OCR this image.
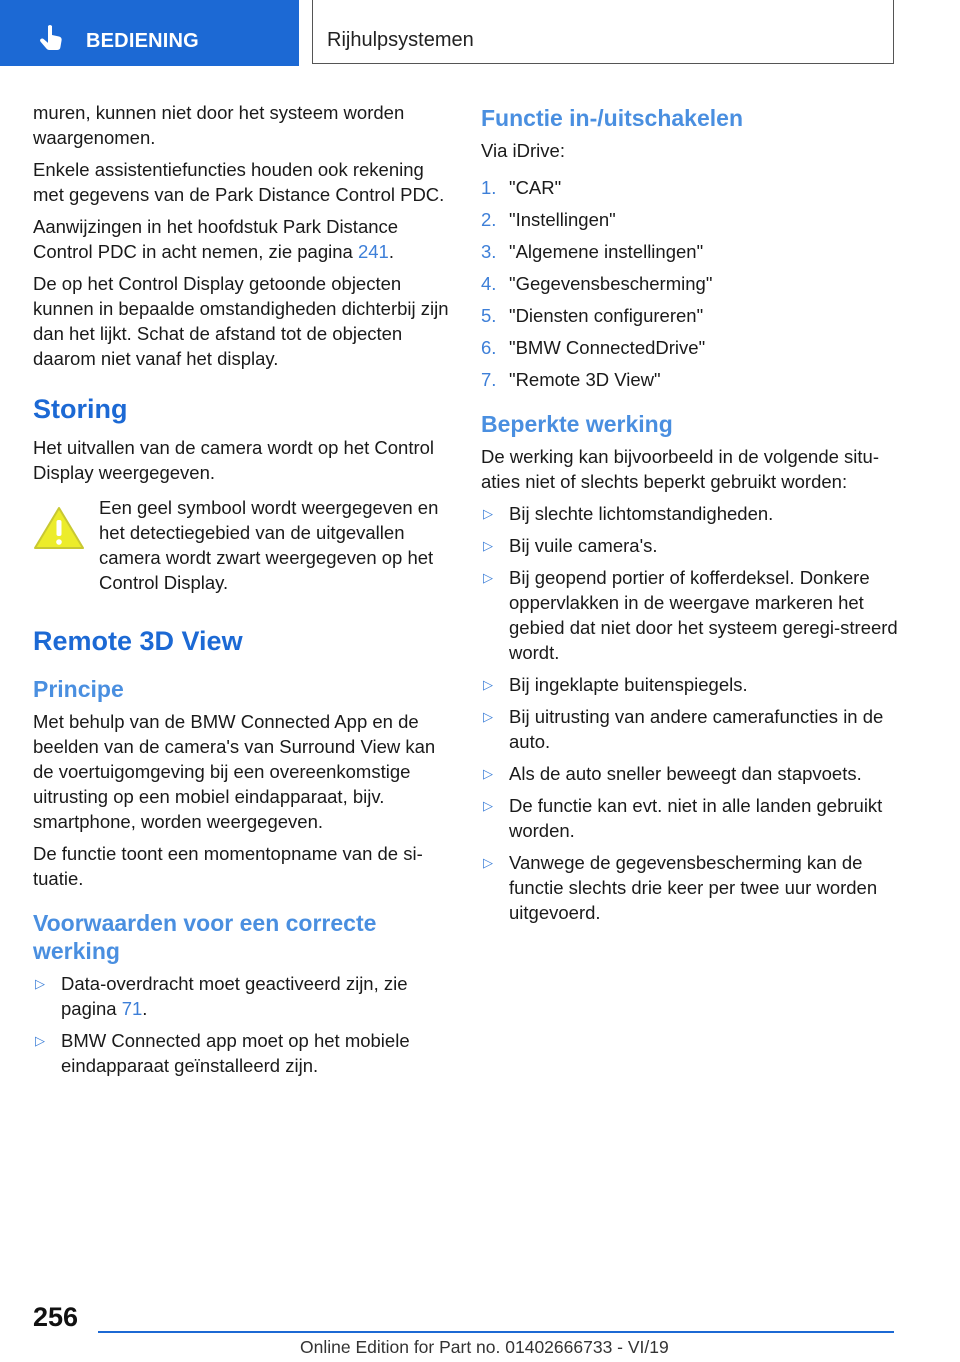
BEDIENING	Rijhulpsystemen

muren, kunnen niet door het systeem worden waargenomen.

Enkele assistentiefuncties houden ook rekening met gegevens van de Park Distance Control PDC.

Aanwijzingen in het hoofdstuk Park Distance Control PDC in acht nemen, zie pagina 241.

De op het Control Display getoonde objecten kunnen in bepaalde omstandigheden dichterbij zijn dan het lijkt. Schat de afstand tot de objecten daarom niet vanaf het display.

Storing

Het uitvallen van de camera wordt op het Control Display weergegeven.

Een geel symbool wordt weergegeven en het detectiegebied van de uitgevallen camera wordt zwart weergegeven op het Control Display.
Remote 3D View
Principe

Met behulp van de BMW Connected App en de beelden van de camera's van Surround View kan de voertuigomgeving bij een overeenkomstige uitrusting op een mobiel eindapparaat, bijv. smartphone, worden weergegeven.

De functie toont een momentopname van de si-tuatie.

Voorwaarden voor een correcte werking
▷ Data-overdracht moet geactiveerd zijn, zie pagina 71.
▷ BMW Connected app moet op het mobiele eindapparaat geïnstalleerd zijn.
Functie in-/uitschakelen

Via iDrive:

1. "CAR"
2. "Instellingen"
3. "Algemene instellingen"
4. "Gegevensbescherming"
5. "Diensten configureren"
6. "BMW ConnectedDrive"
7. "Remote 3D View"
Beperkte werking

De werking kan bijvoorbeeld in de volgende situ-aties niet of slechts beperkt gebruikt worden:

▷ Bij slechte lichtomstandigheden.
▷ Bij vuile camera's.
▷ Bij geopend portier of kofferdeksel. Donkere oppervlakken in de weergave markeren het gebied dat niet door het systeem geregi-streerd wordt.
▷ Bij ingeklapte buitenspiegels.
▷ Bij uitrusting van andere camerafuncties in de auto.
▷ Als de auto sneller beweegt dan stapvoets.
▷ De functie kan evt. niet in alle landen gebruikt worden.
▷ Vanwege de gegevensbescherming kan de functie slechts drie keer per twee uur worden uitgevoerd.
256
Online Edition for Part no. 01402666733 - VI/19
